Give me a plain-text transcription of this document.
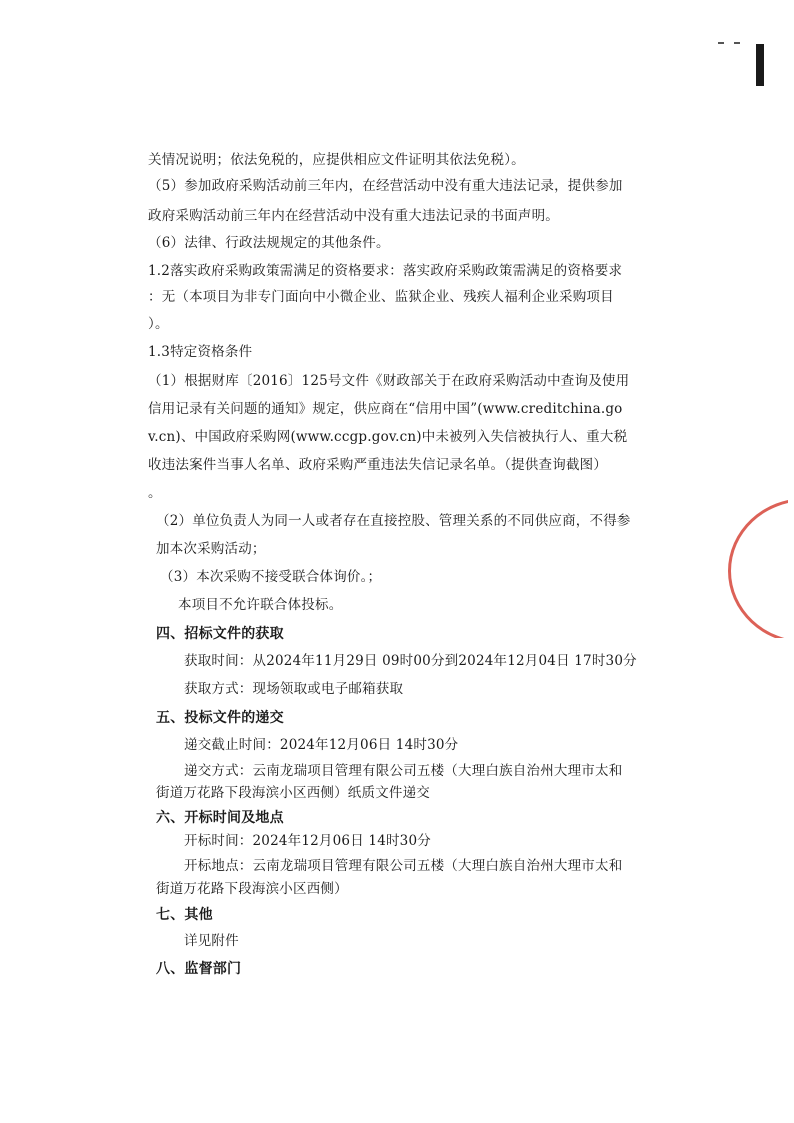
关情况说明；依法免税的，应提供相应文件证明其依法免税）。
（5）参加政府采购活动前三年内，在经营活动中没有重大违法记录，提供参加
政府采购活动前三年内在经营活动中没有重大违法记录的书面声明。
（6）法律、行政法规规定的其他条件。
1.2落实政府采购政策需满足的资格要求：落实政府采购政策需满足的资格要求
：无（本项目为非专门面向中小微企业、监狱企业、残疾人福利企业采购项目
）。
1.3特定资格条件
（1）根据财库〔2016〕125号文件《财政部关于在政府采购活动中查询及使用
信用记录有关问题的通知》规定，供应商在“信用中国”(www.creditchina.go
v.cn)、中国政府采购网(www.ccgp.gov.cn)中未被列入失信被执行人、重大税
收违法案件当事人名单、政府采购严重违法失信记录名单。（提供查询截图）
。
（2）单位负责人为同一人或者存在直接控股、管理关系的不同供应商，不得参
加本次采购活动；
（3）本次采购不接受联合体询价。；
本项目不允许联合体投标。
四、招标文件的获取
获取时间：从2024年11月29日 09时00分到2024年12月04日 17时30分
获取方式：现场领取或电子邮箱获取
五、投标文件的递交
递交截止时间：2024年12月06日 14时30分
递交方式：云南龙瑞项目管理有限公司五楼（大理白族自治州大理市太和
街道万花路下段海滨小区西侧）纸质文件递交
六、开标时间及地点
开标时间：2024年12月06日 14时30分
开标地点：云南龙瑞项目管理有限公司五楼（大理白族自治州大理市太和
街道万花路下段海滨小区西侧）
七、其他
详见附件
八、监督部门
